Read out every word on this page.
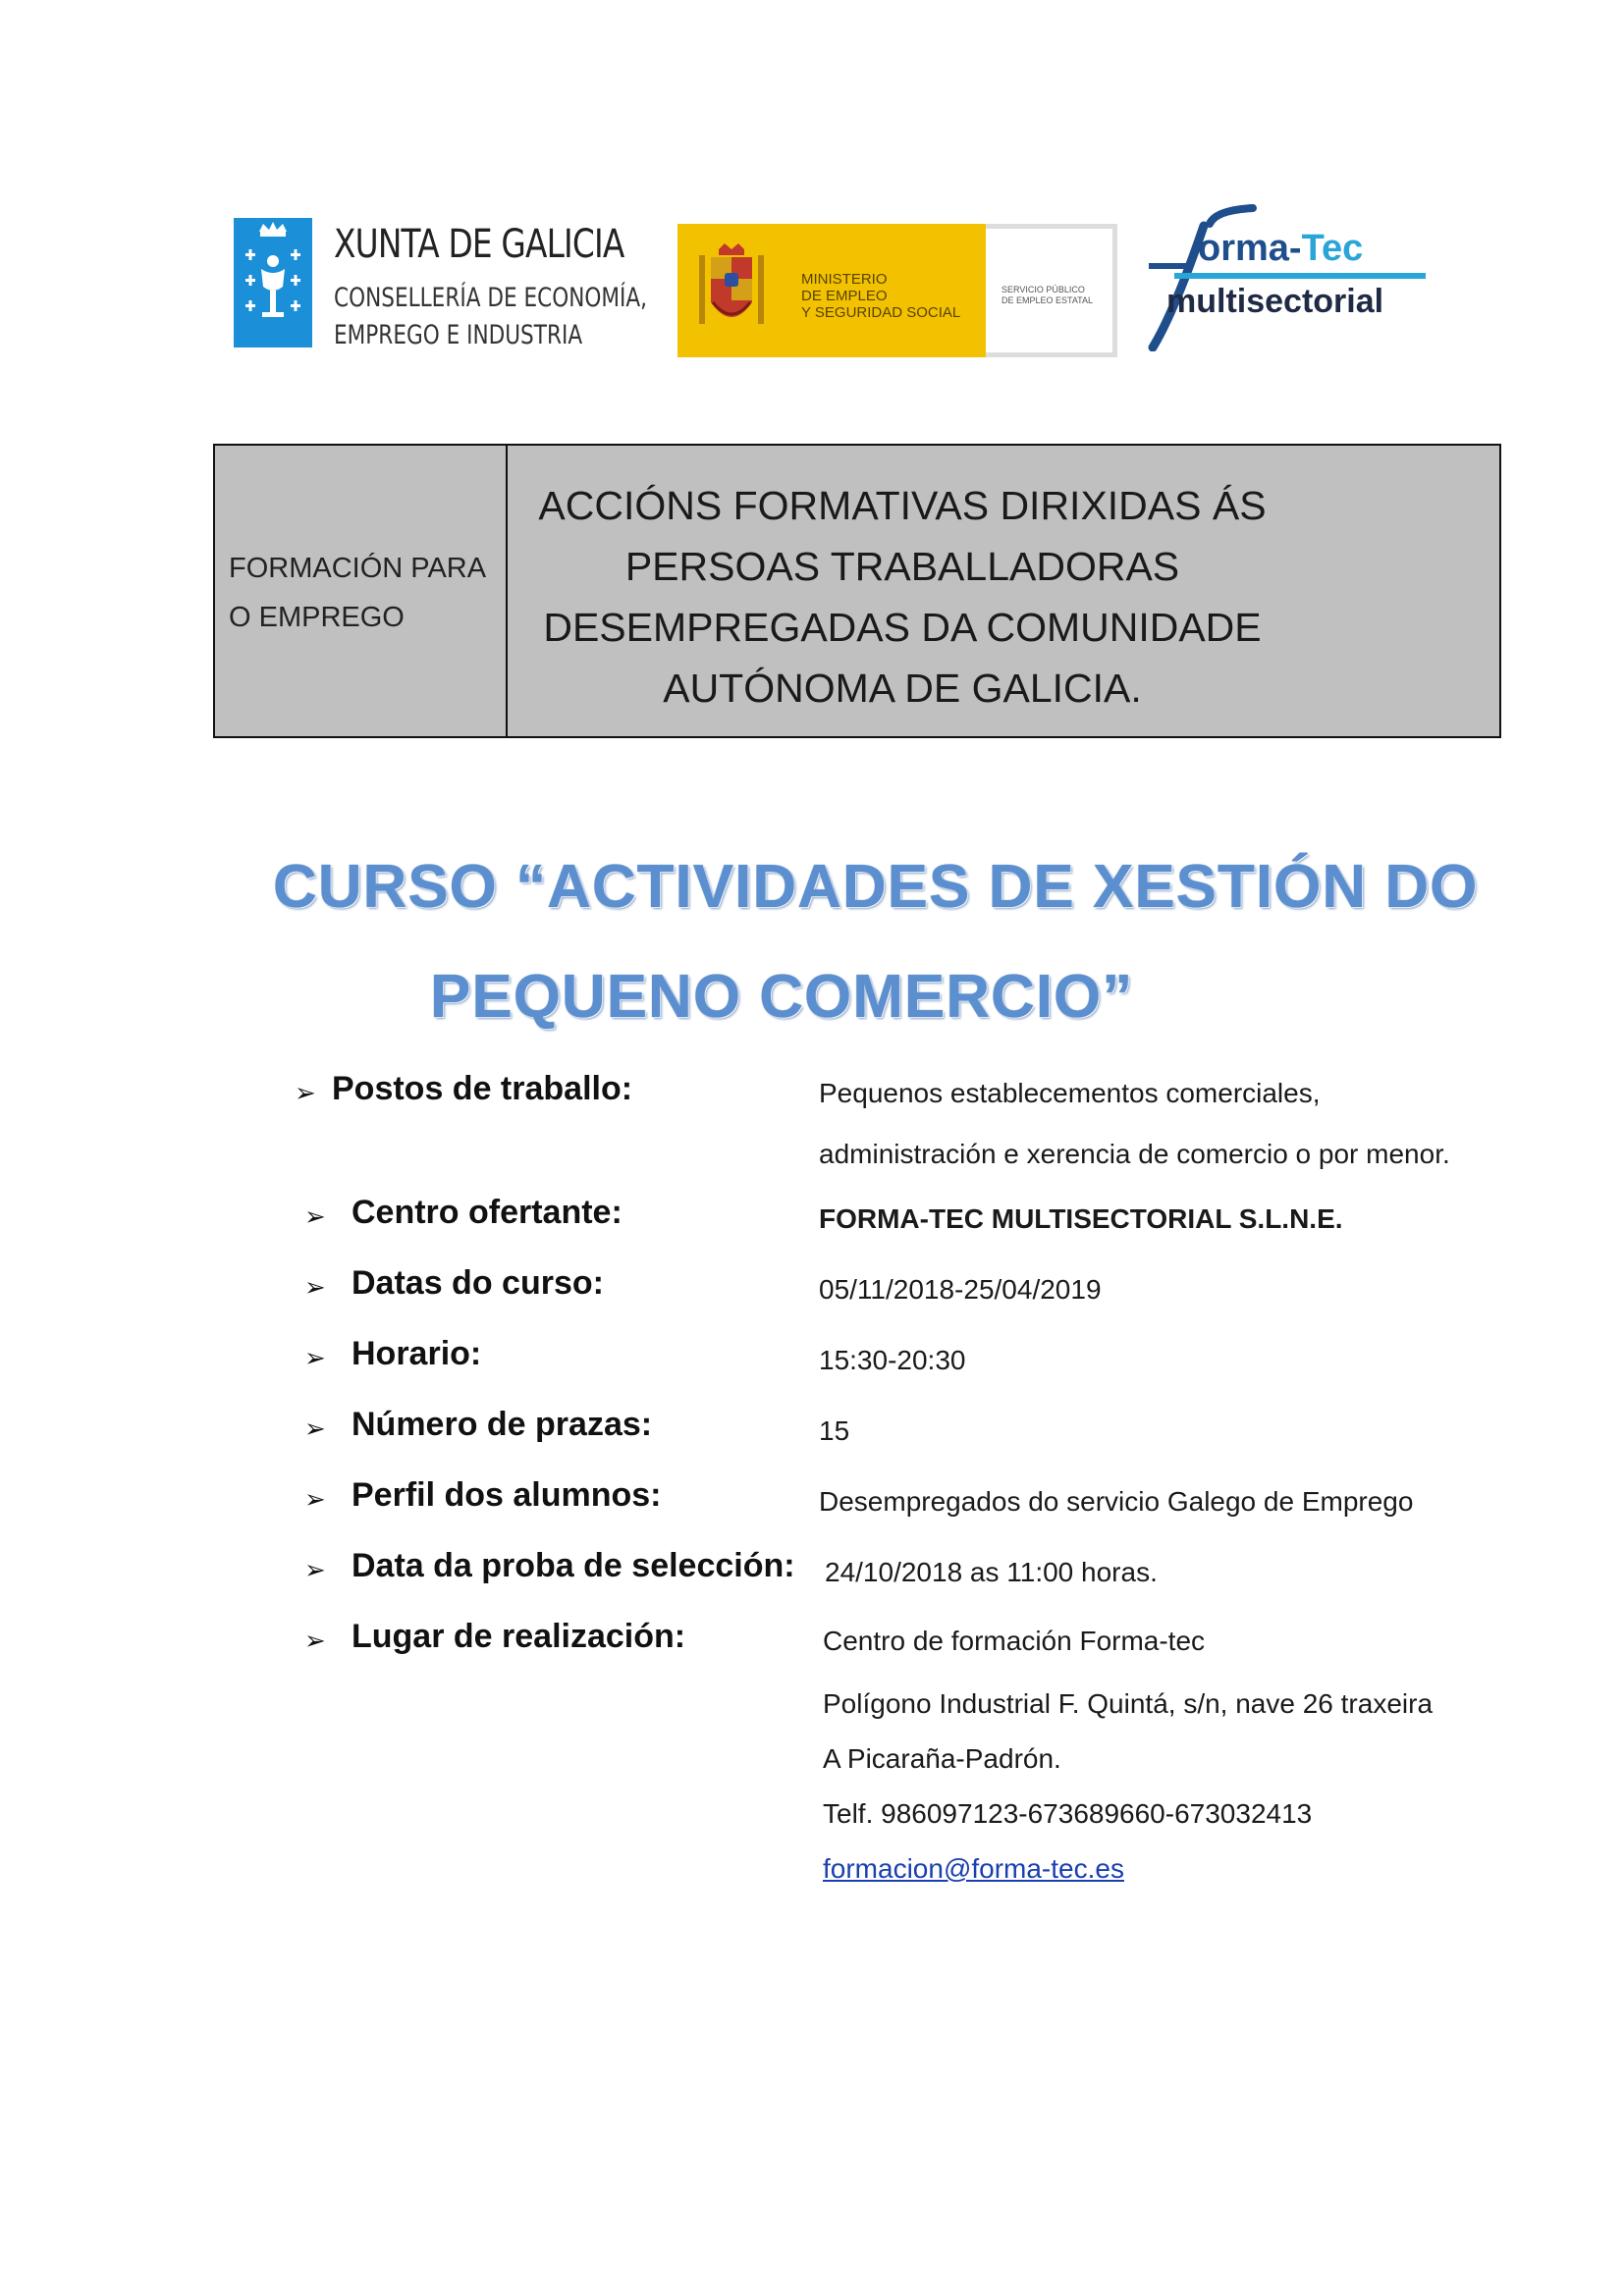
XUNTA DE GALICIA
CONSELLERÍA DE ECONOMÍA,
EMPREGO E INDUSTRIA
MINISTERIO
DE EMPLEO
Y SEGURIDAD SOCIAL
SERVICIO PÚBLICO
DE EMPLEO ESTATAL
orma-Tec
multisectorial
FORMACIÓN PARA
O EMPREGO
ACCIÓNS FORMATIVAS DIRIXIDAS ÁS
PERSOAS TRABALLADORAS
DESEMPREGADAS DA COMUNIDADE
AUTÓNOMA DE GALICIA.
CURSO “ACTIVIDADES DE XESTIÓN DO
PEQUENO COMERCIO”
➢ Postos de traballo:	Pequenos establecementos comerciales,
administración e xerencia de comercio o por menor.
➢ Centro ofertante:	FORMA-TEC MULTISECTORIAL S.L.N.E.
➢ Datas do curso:	05/11/2018-25/04/2019
➢ Horario:	15:30-20:30
➢ Número de prazas:	15
➢ Perfil dos alumnos:	Desempregados do servicio Galego de Emprego
➢ Data da proba de selección: 24/10/2018 as 11:00 horas.
➢ Lugar de realización:	Centro de formación Forma-tec
Polígono Industrial F. Quintá, s/n, nave 26 traxeira
A Picaraña-Padrón.
Telf. 986097123-673689660-673032413
formacion@forma-tec.es
